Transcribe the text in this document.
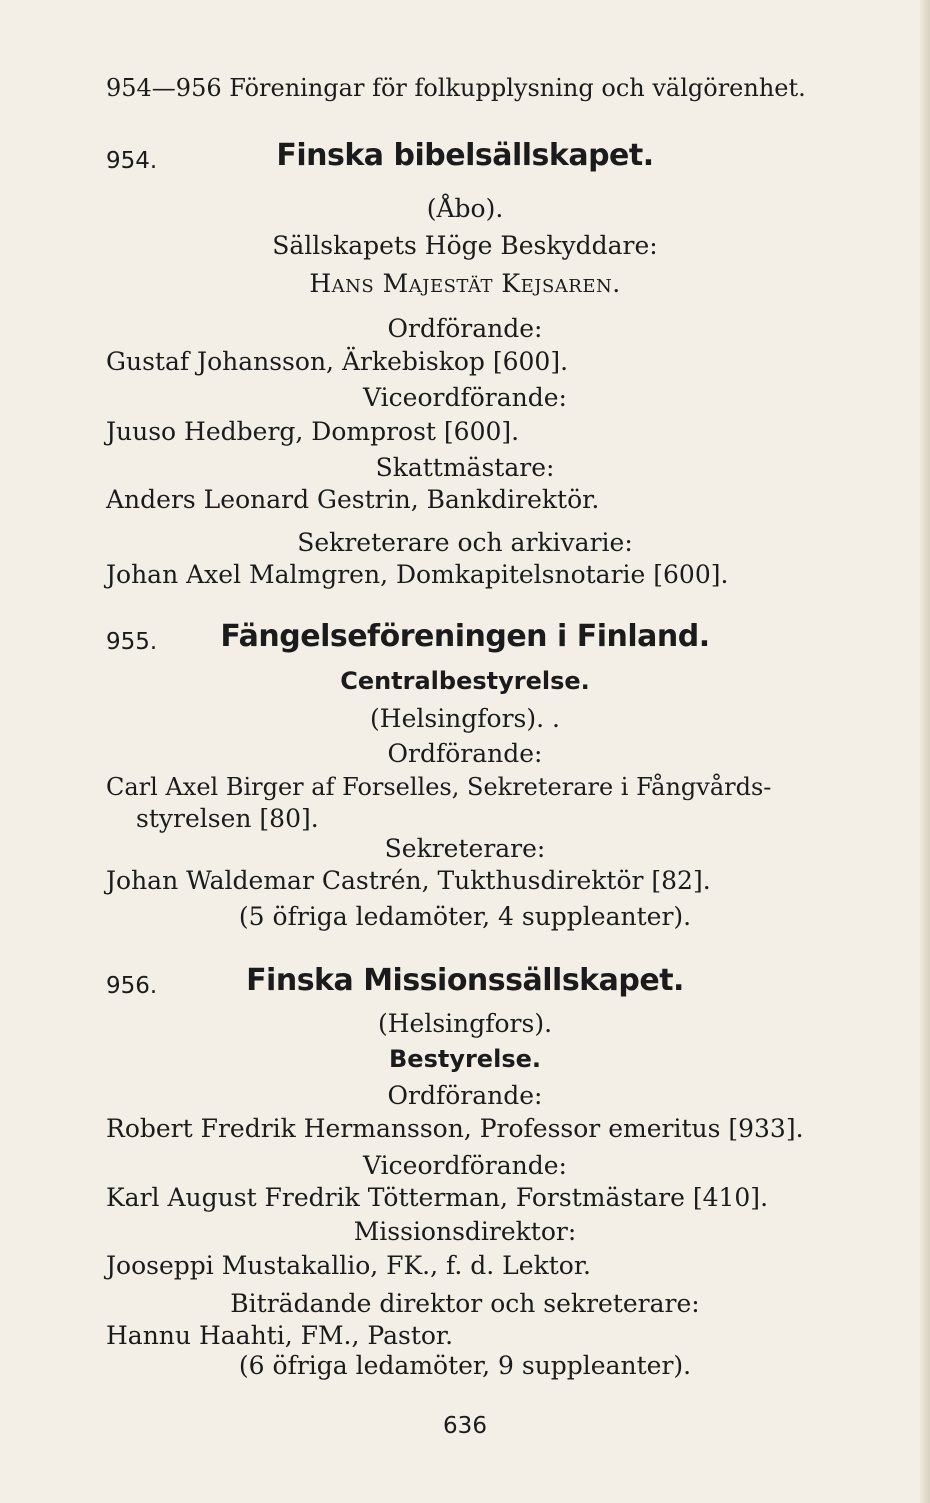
954—956 Föreningar för folkupplysning och välgörenhet.
954.	Finska bibelsällskapet.
(Åbo).
Sällskapets Höge Beskyddare:
Hans Majestät Kejsaren.
Ordförande:
Gustaf Johansson, Ärkebiskop [600].
Viceordförande:
Juuso Hedberg, Domprost [600].
Skattmästare:
Anders Leonard Gestrin, Bankdirektör.
Sekreterare och arkivarie:
Johan Axel Malmgren, Domkapitelsnotarie [600].
955.	Fängelseföreningen i Finland.
Centralbestyrelse.
(Helsingfors). .
Ordförande:
Carl Axel Birger af Forselles, Sekreterare i Fångvårds-
styrelsen [80].
Sekreterare:
Johan Waldemar Castrén, Tukthusdirektör [82].
(5 öfriga ledamöter, 4 suppleanter).
956.	Finska Missionssällskapet.
(Helsingfors).
Bestyrelse.
Ordförande:
Robert Fredrik Hermansson, Professor emeritus [933].
Viceordförande:
Karl August Fredrik Tötterman, Forstmästare [410].
Missionsdirektor:
Jooseppi Mustakallio, FK., f. d. Lektor.
Biträdande direktor och sekreterare:
Hannu Haahti, FM., Pastor.
(6 öfriga ledamöter, 9 suppleanter).
636
